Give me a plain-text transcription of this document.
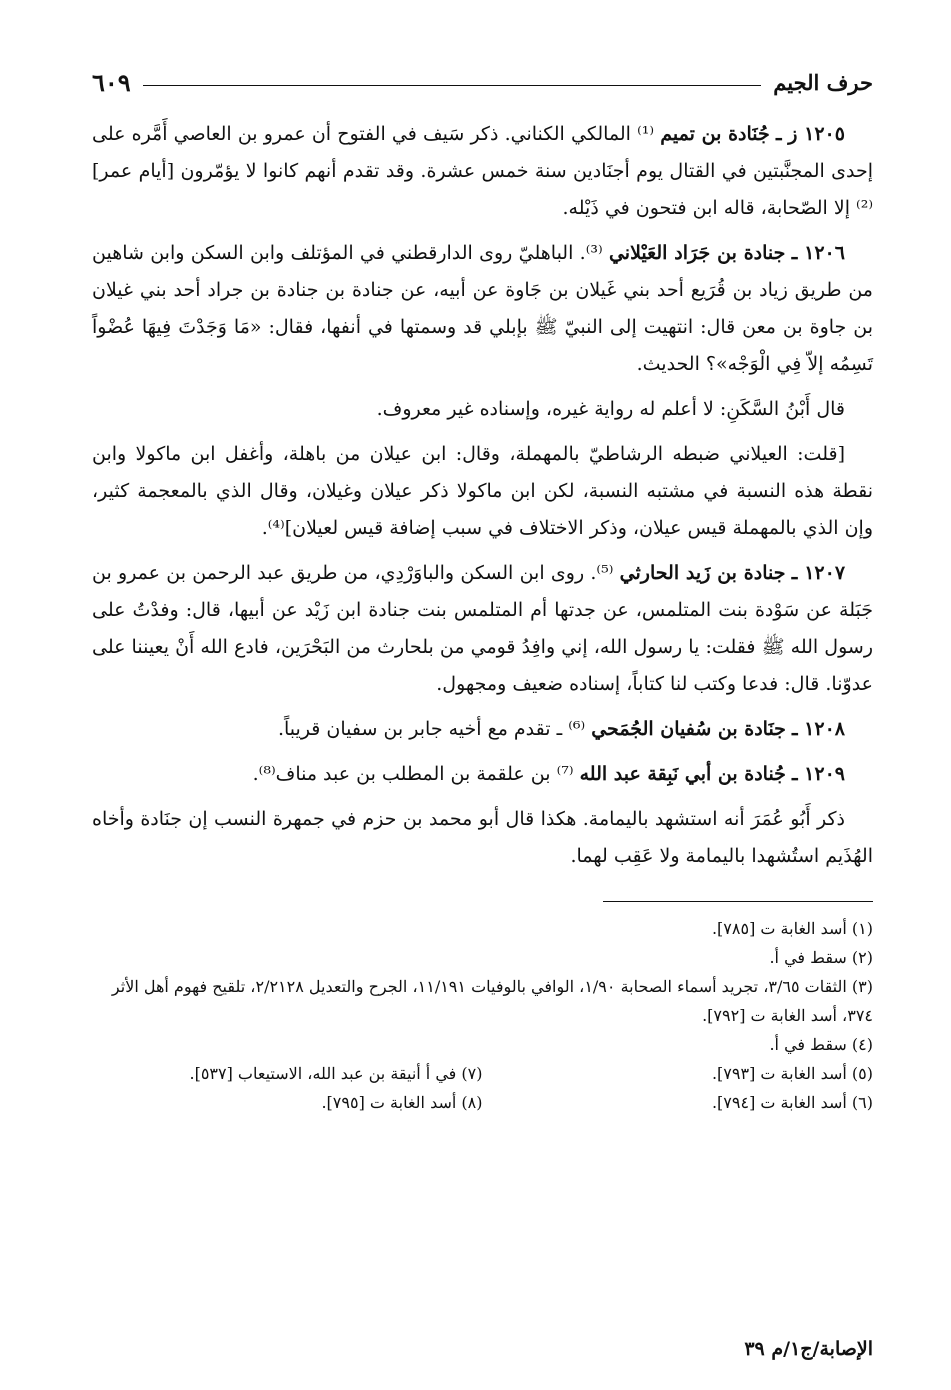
حرف الجيم
٦٠٩

١٢٠٥ ز ـ جُنَادة بن تميم ⁽¹⁾ المالكي الكناني. ذكر سَيف في الفتوح أن عمرو بن العاصي أَمَّره على إحدى المجنَّبتين في القتال يوم أجنَادين سنة خمس عشرة. وقد تقدم أنهم كانوا لا يؤمّرون [أيام عمر]⁽²⁾ إلا الصّحابة، قاله ابن فتحون في ذَيْله.

١٢٠٦ ـ جنادة بن جَرَاد العَيْلاني ⁽³⁾. الباهليّ روى الدارقطني في المؤتلف وابن السكن وابن شاهين من طريق زياد بن قُرَيع أحد بني غَيلان بن جَاوة عن أبيه، عن جنادة بن جنادة بن جراد أحد بني غيلان بن جاوة بن معن قال: انتهيت إلى النبيّ ﷺ بإبلي قد وسمتها في أنفها، فقال: «مَا وَجَدْتَ فِيهَا عُضْواً تَسِمُه إلاّ فِي الْوَجْه»؟ الحديث.

قال أَبْنُ السَّكَنِ: لا أعلم له رواية غيره، وإسناده غير معروف.

[قلت: العيلاني ضبطه الرشاطيّ بالمهملة، وقال: ابن عيلان من باهلة، وأغفل ابن ماكولا وابن نقطة هذه النسبة في مشتبه النسبة، لكن ابن ماكولا ذكر عيلان وغيلان، وقال الذي بالمعجمة كثير، وإن الذي بالمهملة قيس عيلان، وذكر الاختلاف في سبب إضافة قيس لعيلان]⁽⁴⁾.

١٢٠٧ ـ جنادة بن زَيد الحارثي ⁽⁵⁾. روى ابن السكن والباوَرْدِي، من طريق عبد الرحمن بن عمرو بن جَبَلة عن سَوْدة بنت المتلمس، عن جدتها أم المتلمس بنت جنادة ابن زَيْد عن أبيها، قال: وفدْتُ على رسول الله ﷺ فقلت: يا رسول الله، إني وافِدُ قومي من بلحارث من البَحْرَين، فادع الله أَنْ يعيننا على عدوّنا. قال: فدعا وكتب لنا كتاباً، إسناده ضعيف ومجهول.

١٢٠٨ ـ جنَادة بن سُفيان الجُمَحي ⁽⁶⁾ ـ تقدم مع أخيه جابر بن سفيان قريباً.

١٢٠٩ ـ جُنادة بن أبي نَبِقة عبد الله ⁽⁷⁾ بن علقمة بن المطلب بن عبد مناف⁽⁸⁾.

ذكر أَبُو عُمَرَ أنه استشهد باليمامة. هكذا قال أبو محمد بن حزم في جمهرة النسب إن جنَادة وأخاه الهُذَيم استُشهدا باليمامة ولا عَقِب لهما.

(١) أسد الغابة ت [٧٨٥].
(٢) سقط في أ.
(٣) الثقات ٣/٦٥، تجريد أسماء الصحابة ١/٩٠، الوافي بالوفيات ١١/١٩١، الجرح والتعديل ٢/٢١٢٨، تلقيح فهوم أهل الأثر ٣٧٤، أسد الغابة ت [٧٩٢].
(٤) سقط في أ.
(٥) أسد الغابة ت [٧٩٣].
(٧) في أ أنيقة بن عبد الله، الاستيعاب [٥٣٧].
(٦) أسد الغابة ت [٧٩٤].
(٨) أسد الغابة ت [٧٩٥].
الإصابة/ج١/م ٣٩
